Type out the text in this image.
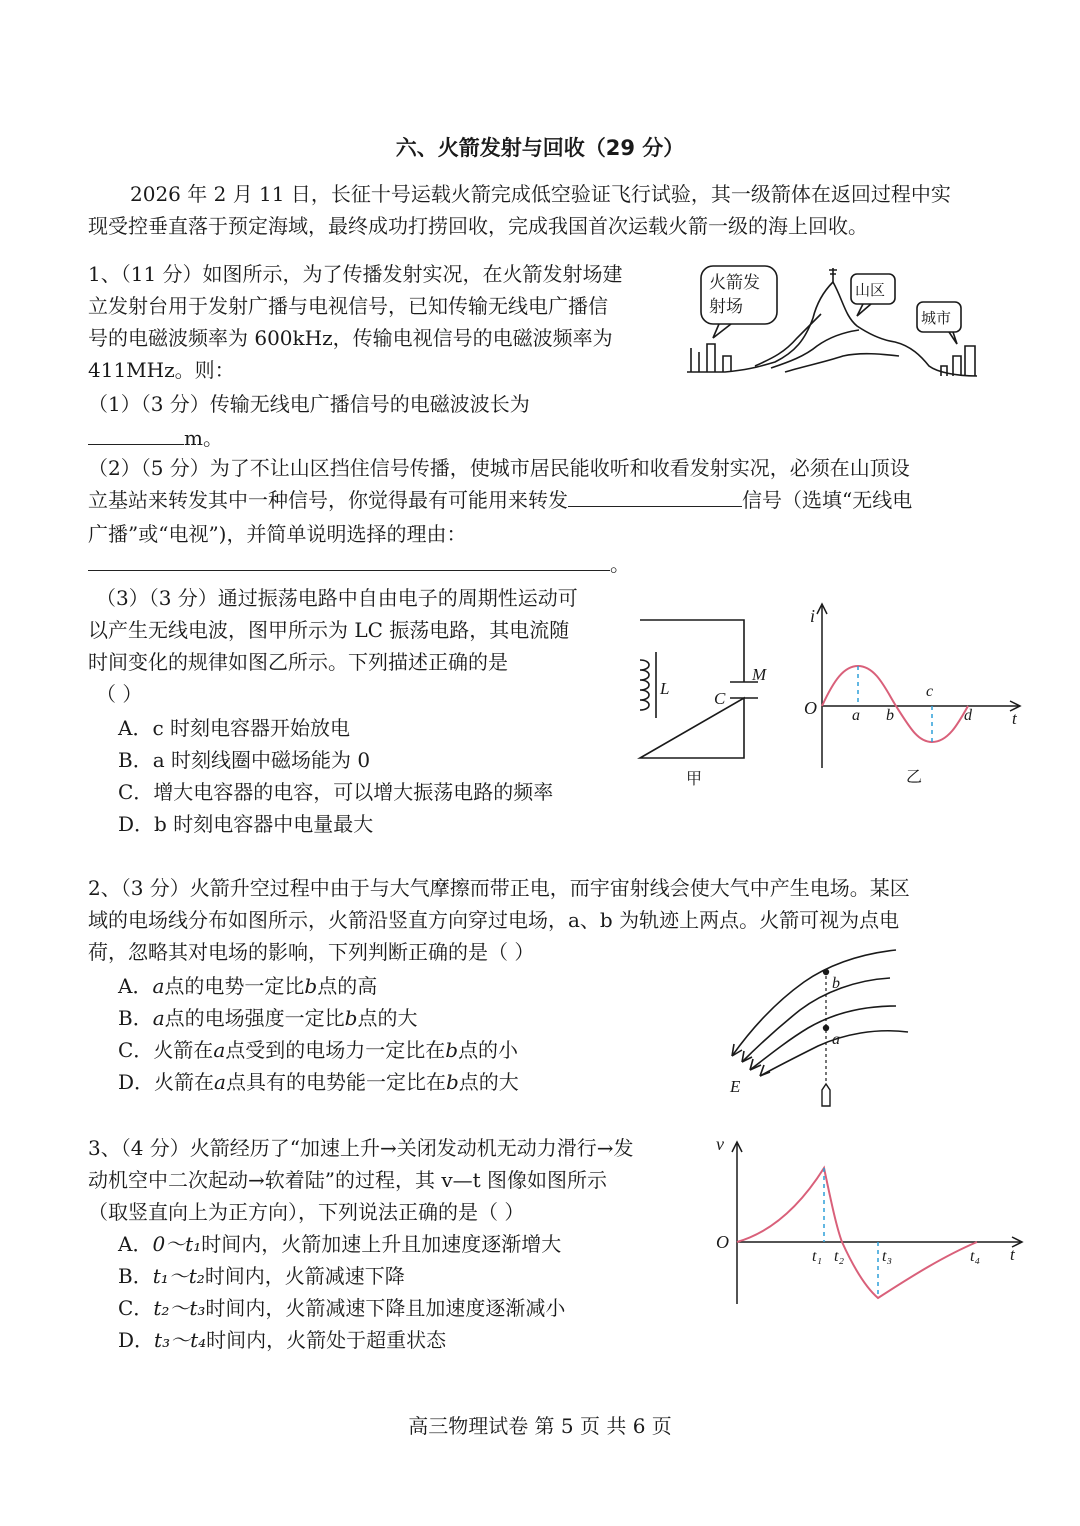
六、火箭发射与回收（29 分）
2026 年 2 月 11 日，长征十号运载火箭完成低空验证飞行试验，其一级箭体在返回过程中实
现受控垂直落于预定海域，最终成功打捞回收，完成我国首次运载火箭一级的海上回收。
1、（11 分）如图所示，为了传播发射实况，在火箭发射场建
立发射台用于发射广播与电视信号，已知传输无线电广播信
号的电磁波频率为 600kHz，传输电视信号的电磁波频率为
411MHz。则：
（1）（3 分）传输无线电广播信号的电磁波波长为
m。
（2）（5 分）为了不让山区挡住信号传播，使城市居民能收听和收看发射实况，必须在山顶设
立基站来转发其中一种信号，你觉得最有可能用来转发	信号（选填“无线电
广播”或“电视”)，并简单说明选择的理由：
。
火箭发
射场
山区
城市
（3）（3 分）通过振荡电路中自由电子的周期性运动可
以产生无线电波，图甲所示为 LC 振荡电路，其电流随
时间变化的规律如图乙所示。下列描述正确的是
（ ）
A．c 时刻电容器开始放电
B．a 时刻线圈中磁场能为 0
C．增大电容器的电容，可以增大振荡电路的频率
D．b 时刻电容器中电量最大
L
C
M
甲
i
O a b
c
d t
乙
2、（3 分）火箭升空过程中由于与大气摩擦而带正电，而宇宙射线会使大气中产生电场。某区
域的电场线分布如图所示，火箭沿竖直方向穿过电场，a、b 为轨迹上两点。火箭可视为点电
荷，忽略其对电场的影响，下列判断正确的是（ ）
A．a点的电势一定比b点的高
B．a点的电场强度一定比b点的大
C．火箭在a点受到的电场力一定比在b点的小
D．火箭在a点具有的电势能一定比在b点的大
b
a
E
3、（4 分）火箭经历了“加速上升→关闭发动机无动力滑行→发
动机空中二次起动→软着陆”的过程，其 v—t 图像如图所示
（取竖直向上为正方向），下列说法正确的是（ ）
A．0～t₁时间内，火箭加速上升且加速度逐渐增大
B．t₁～t₂时间内，火箭减速下降
C．t₂～t₃时间内，火箭减速下降且加速度逐渐减小
D．t₃～t₄时间内，火箭处于超重状态
v
O
t₁ t₂ t₃	t₄ t
高三物理试卷 第 5 页 共 6 页
